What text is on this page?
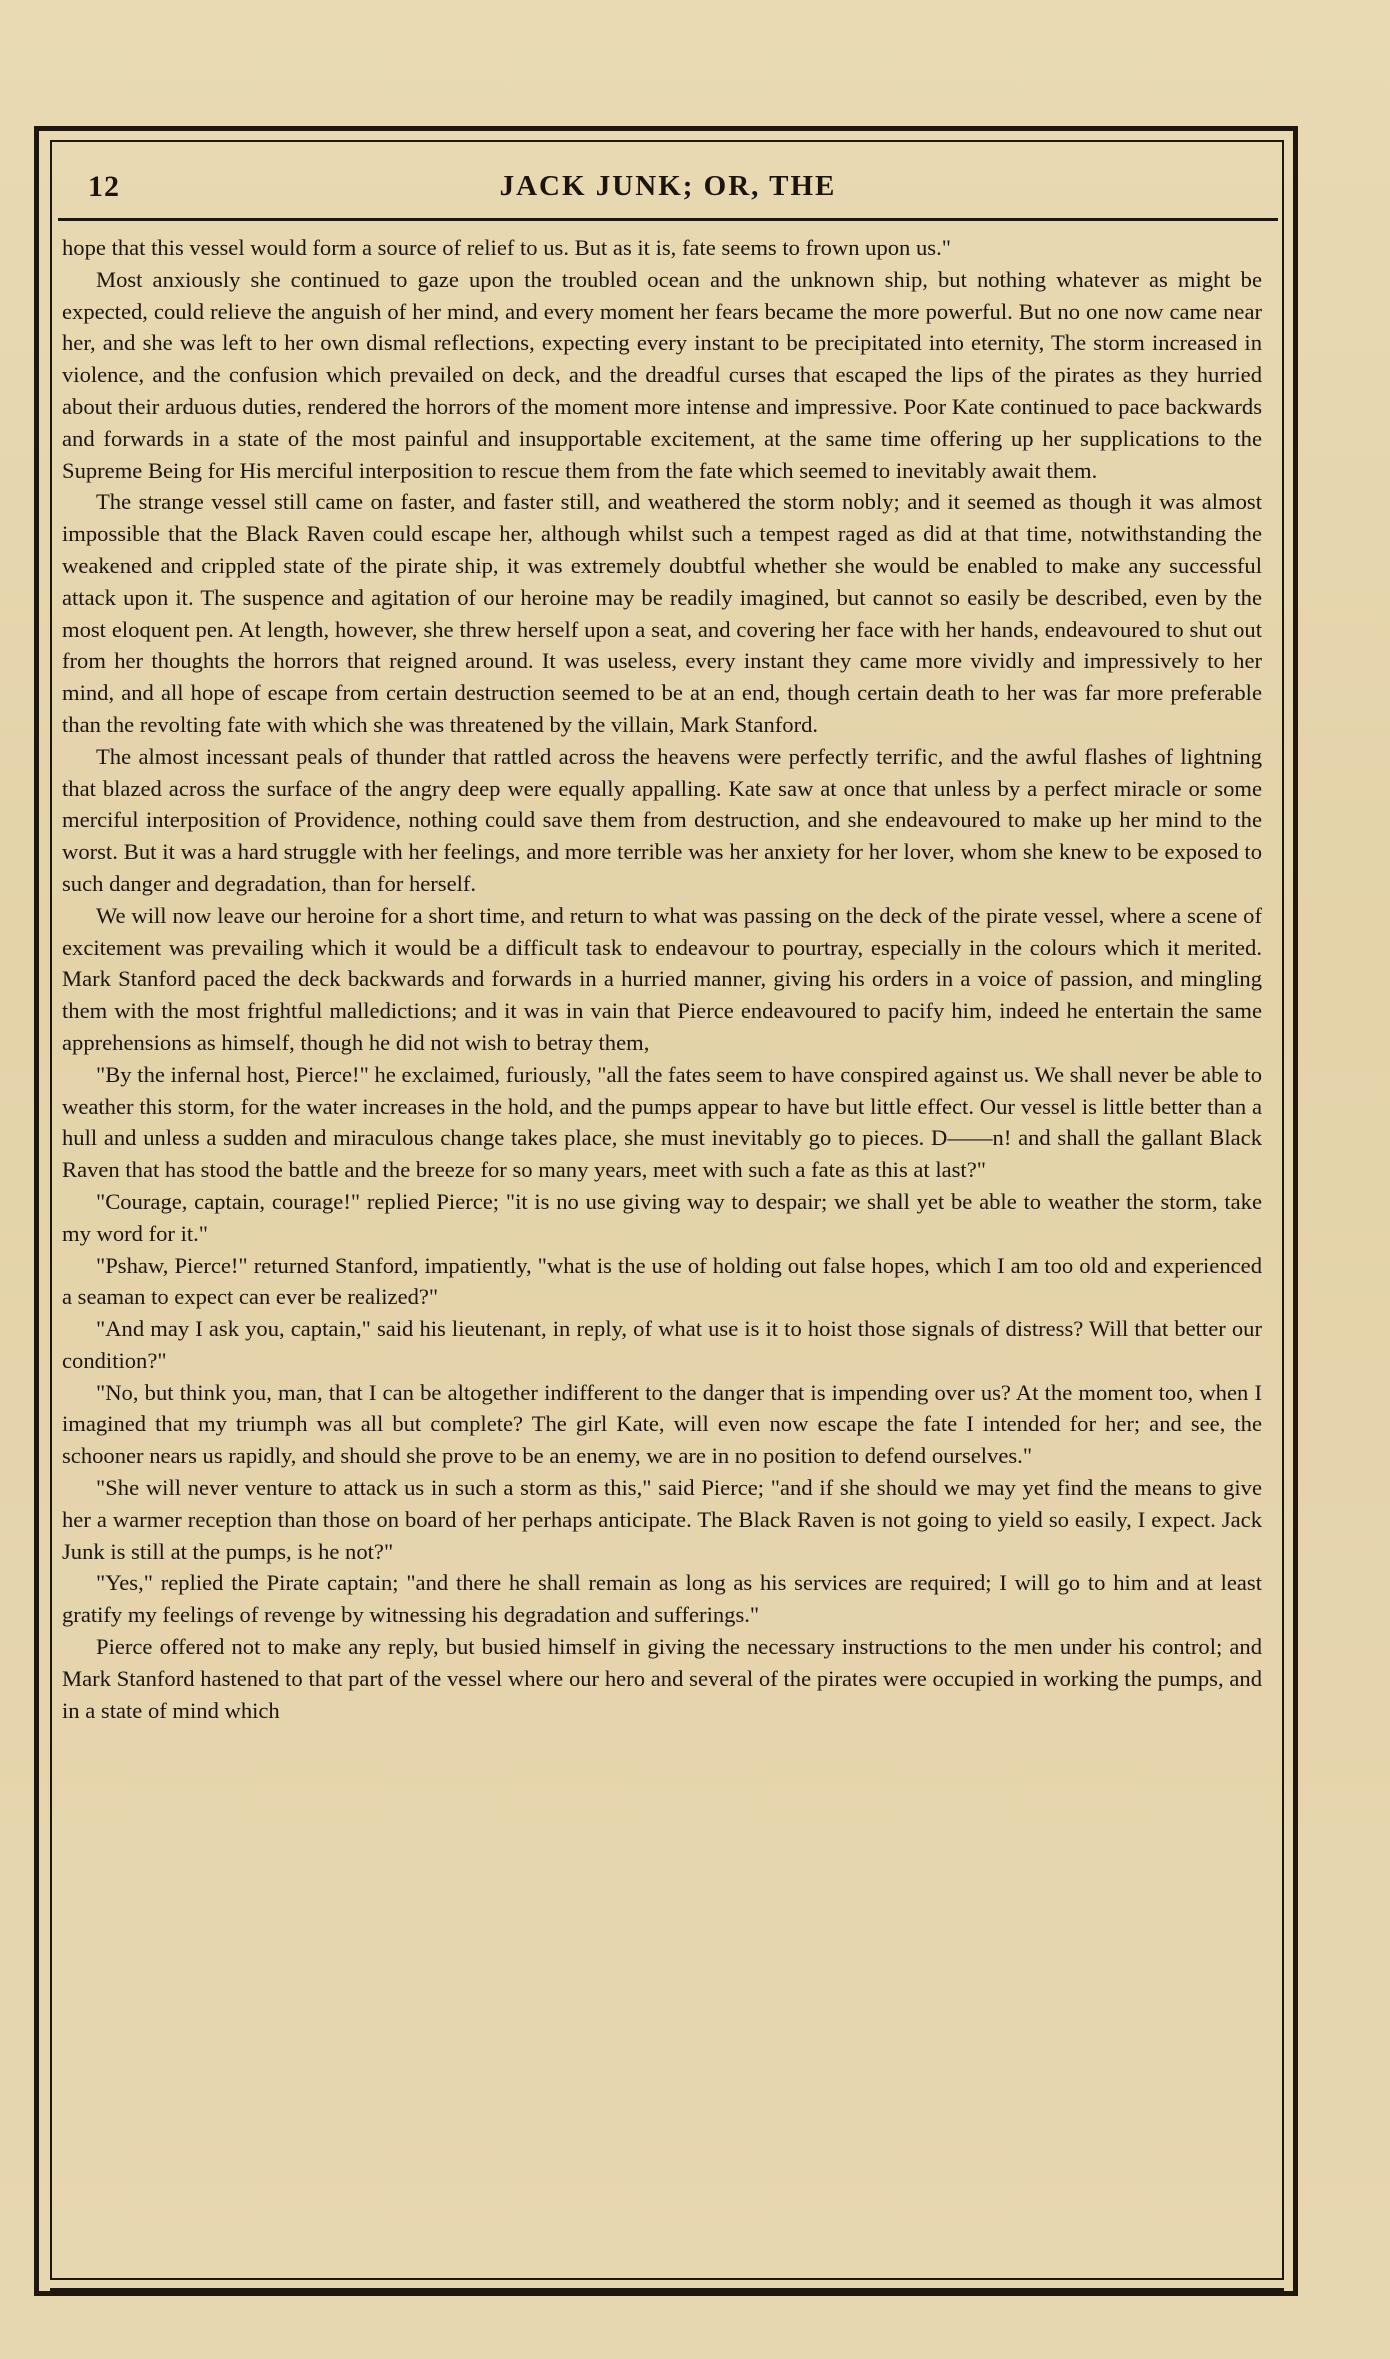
12	JACK JUNK; OR, THE

hope that this vessel would form a source of relief to us. But as it is, fate seems to frown upon us."

Most anxiously she continued to gaze upon the troubled ocean and the unknown ship, but nothing whatever as might be expected, could relieve the anguish of her mind, and every moment her fears became the more powerful. But no one now came near her, and she was left to her own dismal reflections, expecting every instant to be precipitated into eternity, The storm increased in violence, and the confusion which prevailed on deck, and the dreadful curses that escaped the lips of the pirates as they hurried about their arduous duties, rendered the horrors of the moment more intense and impressive. Poor Kate continued to pace backwards and forwards in a state of the most painful and insupportable excitement, at the same time offering up her supplications to the Supreme Being for His merciful interposition to rescue them from the fate which seemed to inevitably await them.

The strange vessel still came on faster, and faster still, and weathered the storm nobly; and it seemed as though it was almost impossible that the Black Raven could escape her, although whilst such a tempest raged as did at that time, notwithstanding the weakened and crippled state of the pirate ship, it was extremely doubtful whether she would be enabled to make any successful attack upon it. The suspence and agitation of our heroine may be readily imagined, but cannot so easily be described, even by the most eloquent pen. At length, however, she threw herself upon a seat, and covering her face with her hands, endeavoured to shut out from her thoughts the horrors that reigned around. It was useless, every instant they came more vividly and impressively to her mind, and all hope of escape from certain destruction seemed to be at an end, though certain death to her was far more preferable than the revolting fate with which she was threatened by the villain, Mark Stanford.

The almost incessant peals of thunder that rattled across the heavens were perfectly terrific, and the awful flashes of lightning that blazed across the surface of the angry deep were equally appalling. Kate saw at once that unless by a perfect miracle or some merciful interposition of Providence, nothing could save them from destruction, and she endeavoured to make up her mind to the worst. But it was a hard struggle with her feelings, and more terrible was her anxiety for her lover, whom she knew to be exposed to such danger and degradation, than for herself.

We will now leave our heroine for a short time, and return to what was passing on the deck of the pirate vessel, where a scene of excitement was prevailing which it would be a difficult task to endeavour to pourtray, especially in the colours which it merited. Mark Stanford paced the deck backwards and forwards in a hurried manner, giving his orders in a voice of passion, and mingling them with the most frightful malledictions; and it was in vain that Pierce endeavoured to pacify him, indeed he entertain the same apprehensions as himself, though he did not wish to betray them,

"By the infernal host, Pierce!" he exclaimed, furiously, "all the fates seem to have conspired against us. We shall never be able to weather this storm, for the water increases in the hold, and the pumps appear to have but little effect. Our vessel is little better than a hull and unless a sudden and miraculous change takes place, she must inevitably go to pieces. D——n! and shall the gallant Black Raven that has stood the battle and the breeze for so many years, meet with such a fate as this at last?"

"Courage, captain, courage!" replied Pierce; "it is no use giving way to despair; we shall yet be able to weather the storm, take my word for it."

"Pshaw, Pierce!" returned Stanford, impatiently, "what is the use of holding out false hopes, which I am too old and experienced a seaman to expect can ever be realized?"

"And may I ask you, captain," said his lieutenant, in reply, of what use is it to hoist those signals of distress? Will that better our condition?"

"No, but think you, man, that I can be altogether indifferent to the danger that is impending over us? At the moment too, when I imagined that my triumph was all but complete? The girl Kate, will even now escape the fate I intended for her; and see, the schooner nears us rapidly, and should she prove to be an enemy, we are in no position to defend ourselves."

"She will never venture to attack us in such a storm as this," said Pierce; "and if she should we may yet find the means to give her a warmer reception than those on board of her perhaps anticipate. The Black Raven is not going to yield so easily, I expect. Jack Junk is still at the pumps, is he not?"

"Yes," replied the Pirate captain; "and there he shall remain as long as his services are required; I will go to him and at least gratify my feelings of revenge by witnessing his degradation and sufferings."

Pierce offered not to make any reply, but busied himself in giving the necessary instructions to the men under his control; and Mark Stanford hastened to that part of the vessel where our hero and several of the pirates were occupied in working the pumps, and in a state of mind which
